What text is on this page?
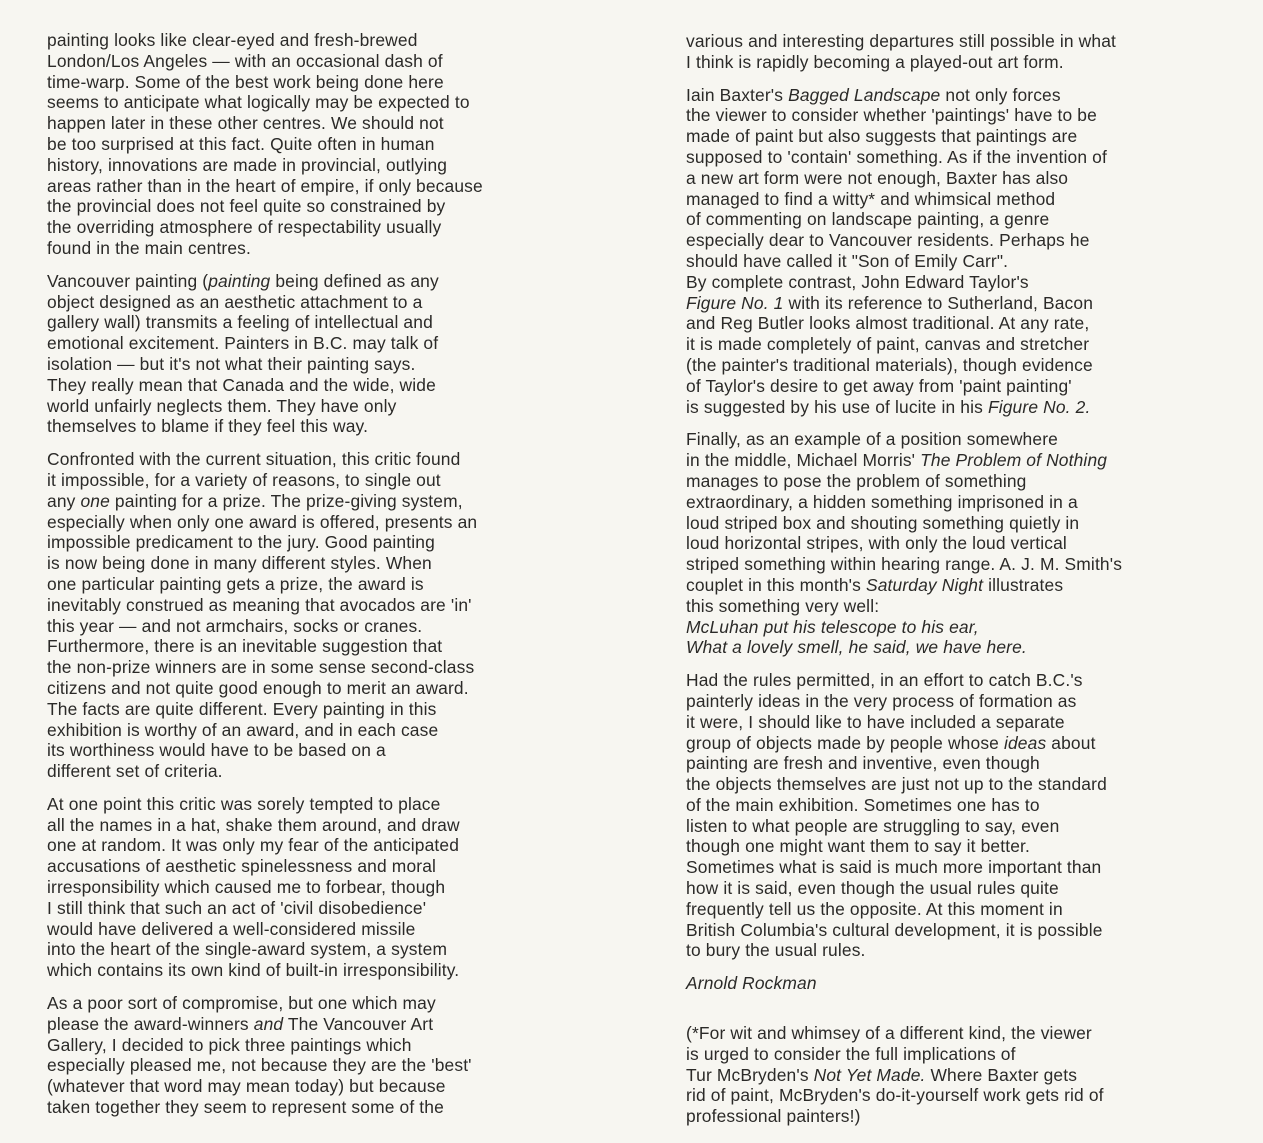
painting looks like clear-eyed and fresh-brewed
London/Los Angeles — with an occasional dash of
time-warp. Some of the best work being done here
seems to anticipate what logically may be expected to
happen later in these other centres. We should not
be too surprised at this fact. Quite often in human
history, innovations are made in provincial, outlying
areas rather than in the heart of empire, if only because
the provincial does not feel quite so constrained by
the overriding atmosphere of respectability usually
found in the main centres.
Vancouver painting (painting being defined as any
object designed as an aesthetic attachment to a
gallery wall) transmits a feeling of intellectual and
emotional excitement. Painters in B.C. may talk of
isolation — but it's not what their painting says.
They really mean that Canada and the wide, wide
world unfairly neglects them. They have only
themselves to blame if they feel this way.
Confronted with the current situation, this critic found
it impossible, for a variety of reasons, to single out
any one painting for a prize. The prize-giving system,
especially when only one award is offered, presents an
impossible predicament to the jury. Good painting
is now being done in many different styles. When
one particular painting gets a prize, the award is
inevitably construed as meaning that avocados are 'in'
this year — and not armchairs, socks or cranes.
Furthermore, there is an inevitable suggestion that
the non-prize winners are in some sense second-class
citizens and not quite good enough to merit an award.
The facts are quite different. Every painting in this
exhibition is worthy of an award, and in each case
its worthiness would have to be based on a
different set of criteria.
At one point this critic was sorely tempted to place
all the names in a hat, shake them around, and draw
one at random. It was only my fear of the anticipated
accusations of aesthetic spinelessness and moral
irresponsibility which caused me to forbear, though
I still think that such an act of 'civil disobedience'
would have delivered a well-considered missile
into the heart of the single-award system, a system
which contains its own kind of built-in irresponsibility.
As a poor sort of compromise, but one which may
please the award-winners and The Vancouver Art
Gallery, I decided to pick three paintings which
especially pleased me, not because they are the 'best'
(whatever that word may mean today) but because
taken together they seem to represent some of the
various and interesting departures still possible in what
I think is rapidly becoming a played-out art form.
Iain Baxter's Bagged Landscape not only forces
the viewer to consider whether 'paintings' have to be
made of paint but also suggests that paintings are
supposed to 'contain' something. As if the invention of
a new art form were not enough, Baxter has also
managed to find a witty* and whimsical method
of commenting on landscape painting, a genre
especially dear to Vancouver residents. Perhaps he
should have called it "Son of Emily Carr".
By complete contrast, John Edward Taylor's
Figure No. 1 with its reference to Sutherland, Bacon
and Reg Butler looks almost traditional. At any rate,
it is made completely of paint, canvas and stretcher
(the painter's traditional materials), though evidence
of Taylor's desire to get away from 'paint painting'
is suggested by his use of lucite in his Figure No. 2.
Finally, as an example of a position somewhere
in the middle, Michael Morris' The Problem of Nothing
manages to pose the problem of something
extraordinary, a hidden something imprisoned in a
loud striped box and shouting something quietly in
loud horizontal stripes, with only the loud vertical
striped something within hearing range. A. J. M. Smith's
couplet in this month's Saturday Night illustrates
this something very well:
McLuhan put his telescope to his ear,
What a lovely smell, he said, we have here.
Had the rules permitted, in an effort to catch B.C.'s
painterly ideas in the very process of formation as
it were, I should like to have included a separate
group of objects made by people whose ideas about
painting are fresh and inventive, even though
the objects themselves are just not up to the standard
of the main exhibition. Sometimes one has to
listen to what people are struggling to say, even
though one might want them to say it better.
Sometimes what is said is much more important than
how it is said, even though the usual rules quite
frequently tell us the opposite. At this moment in
British Columbia's cultural development, it is possible
to bury the usual rules.
Arnold Rockman
(*For wit and whimsey of a different kind, the viewer
is urged to consider the full implications of
Tur McBryden's Not Yet Made. Where Baxter gets
rid of paint, McBryden's do-it-yourself work gets rid of
professional painters!)
